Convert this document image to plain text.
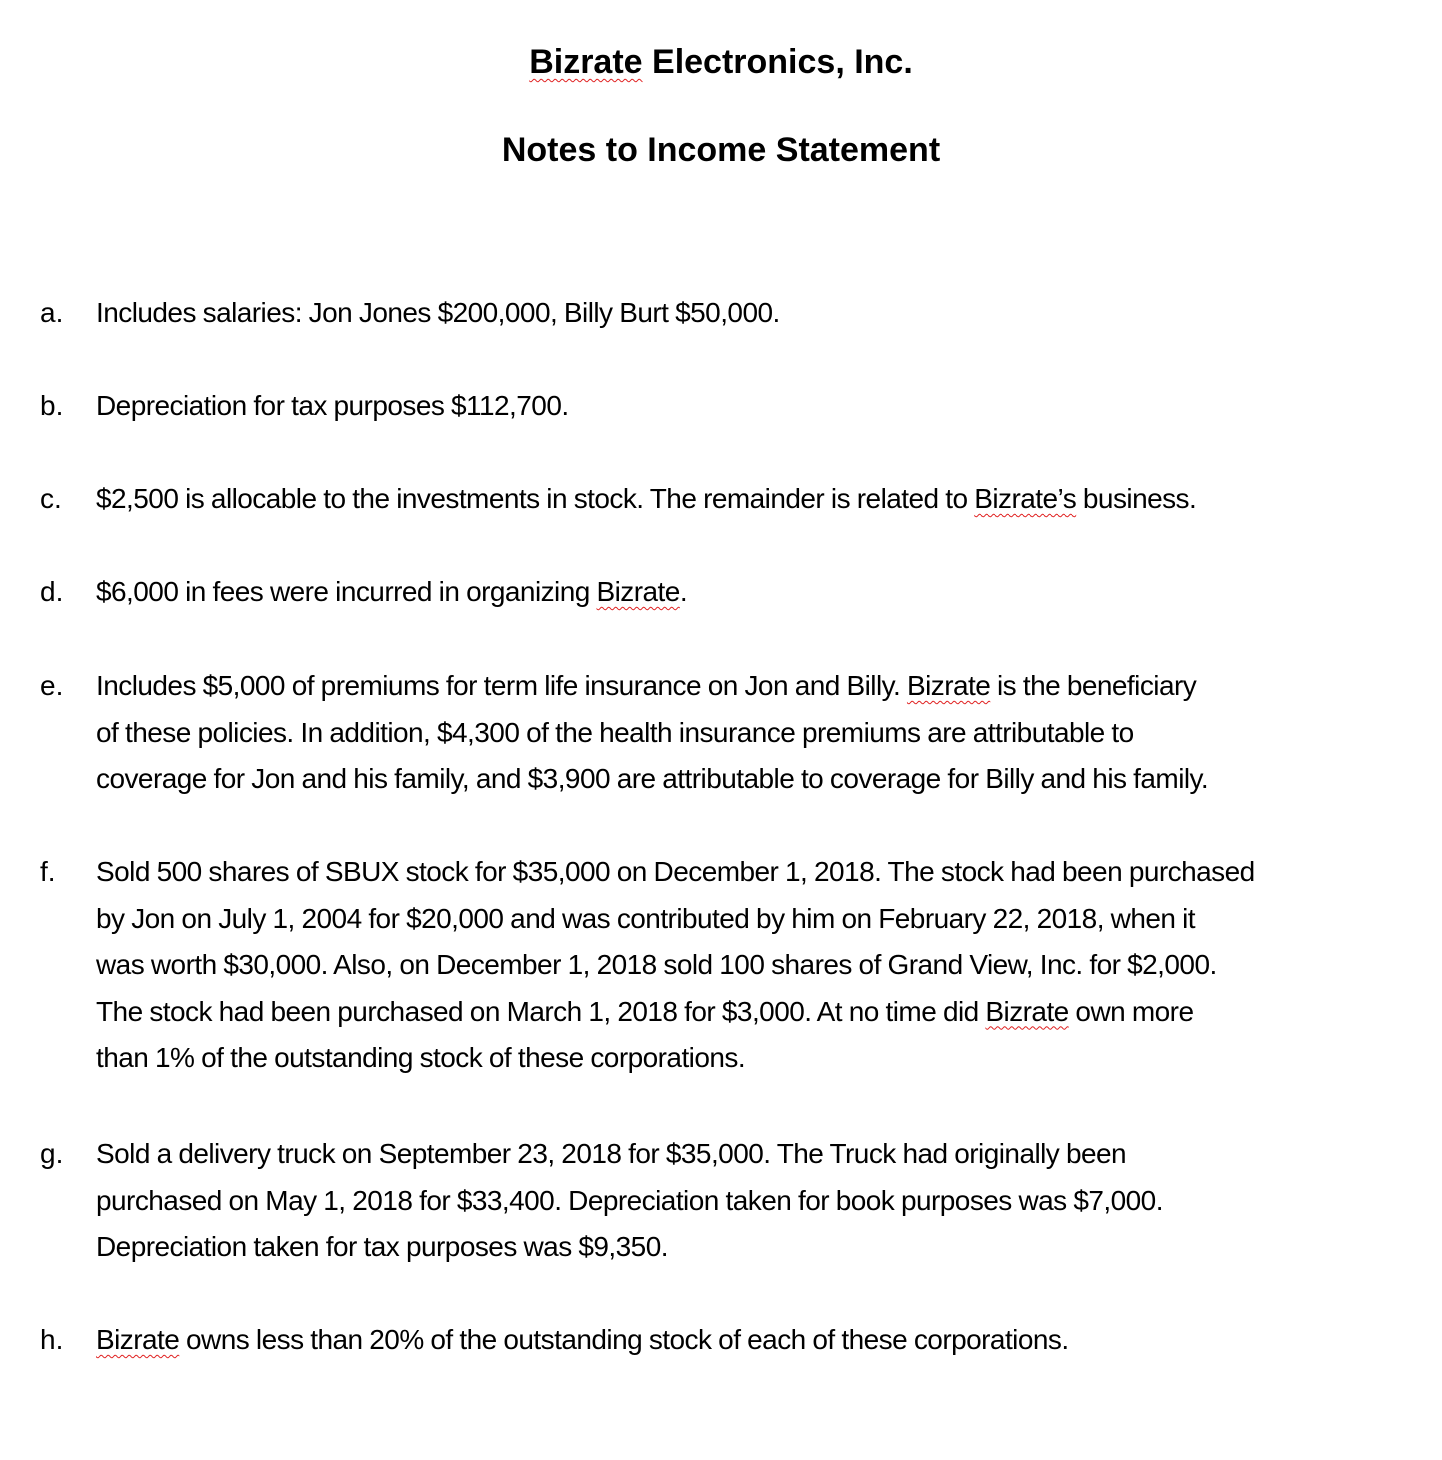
Bizrate Electronics, Inc.
Notes to Income Statement
a. Includes salaries: Jon Jones $200,000, Billy Burt $50,000.
b. Depreciation for tax purposes $112,700.
c. $2,500 is allocable to the investments in stock. The remainder is related to Bizrate’s business.
d. $6,000 in fees were incurred in organizing Bizrate.
e. Includes $5,000 of premiums for term life insurance on Jon and Billy. Bizrate is the beneficiary
of these policies. In addition, $4,300 of the health insurance premiums are attributable to
coverage for Jon and his family, and $3,900 are attributable to coverage for Billy and his family.
f. Sold 500 shares of SBUX stock for $35,000 on December 1, 2018. The stock had been purchased
by Jon on July 1, 2004 for $20,000 and was contributed by him on February 22, 2018, when it
was worth $30,000. Also, on December 1, 2018 sold 100 shares of Grand View, Inc. for $2,000.
The stock had been purchased on March 1, 2018 for $3,000. At no time did Bizrate own more
than 1% of the outstanding stock of these corporations.
g. Sold a delivery truck on September 23, 2018 for $35,000. The Truck had originally been
purchased on May 1, 2018 for $33,400. Depreciation taken for book purposes was $7,000.
Depreciation taken for tax purposes was $9,350.
h. Bizrate owns less than 20% of the outstanding stock of each of these corporations.
